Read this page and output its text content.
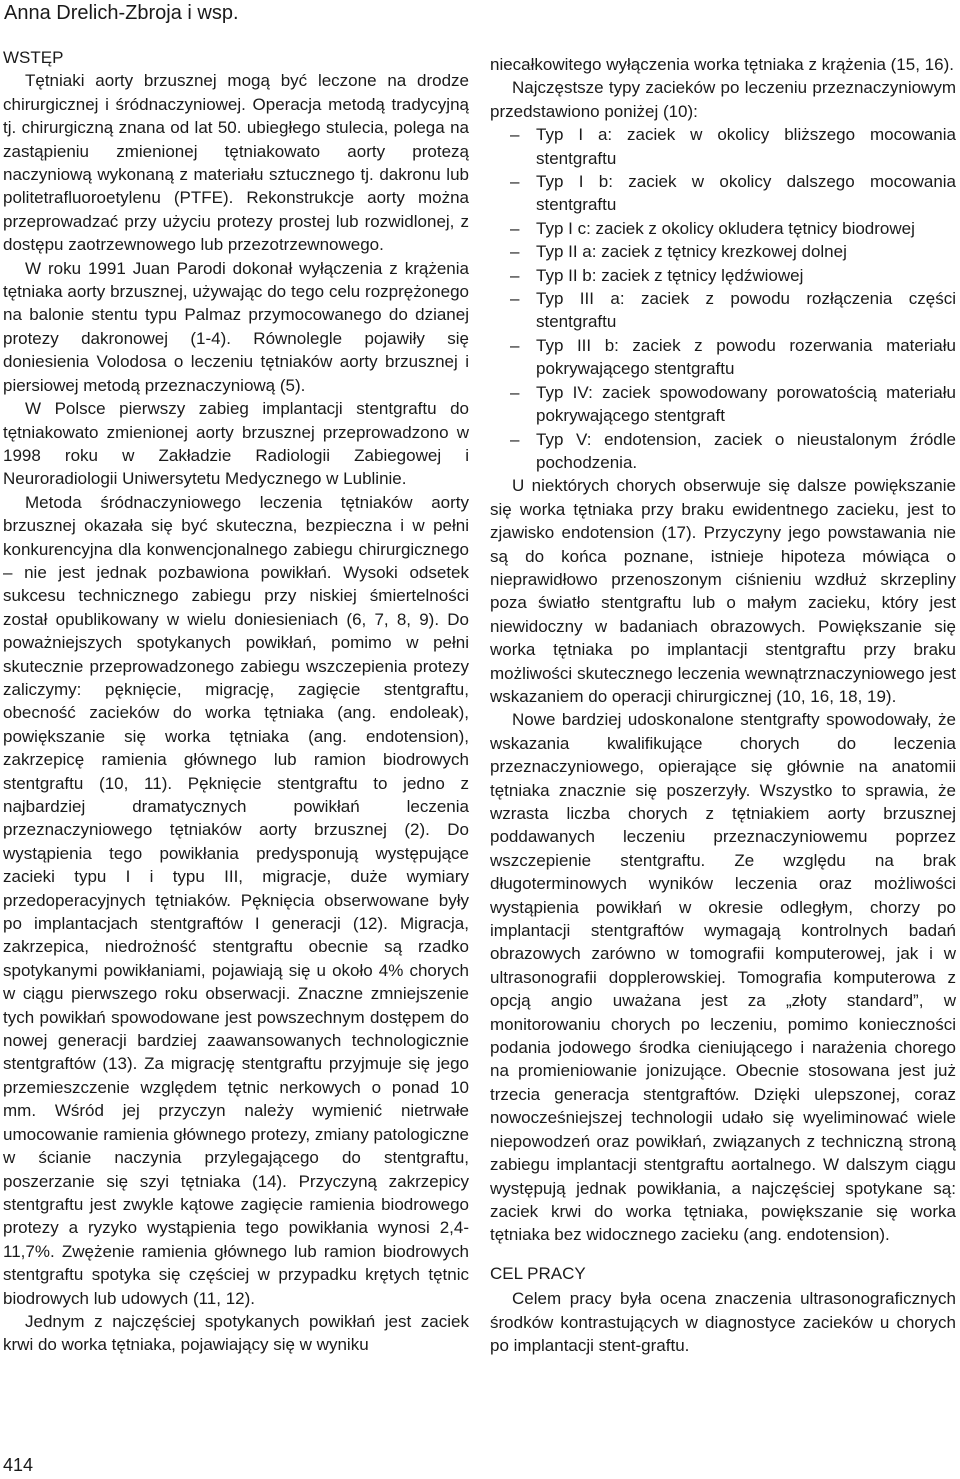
Anna Drelich-Zbroja i wsp.
WSTĘP

Tętniaki aorty brzusznej mogą być leczone na drodze chirurgicznej i śródnaczyniowej. Operacja metodą tradycyjną tj. chirurgiczną znana od lat 50. ubiegłego stulecia, polega na zastąpieniu zmienionej tętniakowato aorty protezą naczyniową wykonaną z materiału sztucznego tj. dakronu lub politetrafluoroetylenu (PTFE). Rekonstrukcje aorty można przeprowadzać przy użyciu protezy prostej lub rozwidlonej, z dostępu zaotrzewnowego lub przezotrzewnowego.

W roku 1991 Juan Parodi dokonał wyłączenia z krążenia tętniaka aorty brzusznej, używając do tego celu rozprężonego na balonie stentu typu Palmaz przymocowanego do dzianej protezy dakronowej (1-4). Równolegle pojawiły się doniesienia Volodosa o leczeniu tętniaków aorty brzusznej i piersiowej metodą przeznaczyniową (5).

W Polsce pierwszy zabieg implantacji stentgraftu do tętniakowato zmienionej aorty brzusznej przeprowadzono w 1998 roku w Zakładzie Radiologii Zabiegowej i Neuroradiologii Uniwersytetu Medycznego w Lublinie.

Metoda śródnaczyniowego leczenia tętniaków aorty brzusznej okazała się być skuteczna, bezpieczna i w pełni konkurencyjna dla konwencjonalnego zabiegu chirurgicznego – nie jest jednak pozbawiona powikłań. Wysoki odsetek sukcesu technicznego zabiegu przy niskiej śmiertelności został opublikowany w wielu doniesieniach (6, 7, 8, 9). Do poważniejszych spotykanych powikłań, pomimo w pełni skutecznie przeprowadzonego zabiegu wszczepienia protezy zaliczymy: pęknięcie, migrację, zagięcie stentgraftu, obecność zacieków do worka tętniaka (ang. endoleak), powiększanie się worka tętniaka (ang. endotension), zakrzepicę ramienia głównego lub ramion biodrowych stentgraftu (10, 11). Pęknięcie stentgraftu to jedno z najbardziej dramatycznych powikłań leczenia przeznaczyniowego tętniaków aorty brzusznej (2). Do wystąpienia tego powikłania predysponują występujące zacieki typu I i typu III, migracje, duże wymiary przedoperacyjnych tętniaków. Pęknięcia obserwowane były po implantacjach stentgraftów I generacji (12). Migracja, zakrzepica, niedrożność stentgraftu obecnie są rzadko spotykanymi powikłaniami, pojawiają się u około 4% chorych w ciągu pierwszego roku obserwacji. Znaczne zmniejszenie tych powikłań spowodowane jest powszechnym dostępem do nowej generacji bardziej zaawansowanych technologicznie stentgraftów (13). Za migrację stentgraftu przyjmuje się jego przemieszczenie względem tętnic nerkowych o ponad 10 mm. Wśród jej przyczyn należy wymienić nietrwałe umocowanie ramienia głównego protezy, zmiany patologiczne w ścianie naczynia przylegającego do stentgraftu, poszerzanie się szyi tętniaka (14). Przyczyną zakrzepicy stentgraftu jest zwykle kątowe zagięcie ramienia biodrowego protezy a ryzyko wystąpienia tego powikłania wynosi 2,4-11,7%. Zwężenie ramienia głównego lub ramion biodrowych stentgraftu spotyka się częściej w przypadku krętych tętnic biodrowych lub udowych (11, 12).

Jednym z najczęściej spotykanych powikłań jest zaciek krwi do worka tętniaka, pojawiający się w wyniku

niecałkowitego wyłączenia worka tętniaka z krążenia (15, 16).

Najczęstsze typy zacieków po leczeniu przeznaczyniowym przedstawiono poniżej (10):

– Typ I a: zaciek w okolicy bliższego mocowania stentgraftu
– Typ I b: zaciek w okolicy dalszego mocowania stentgraftu
– Typ I c: zaciek z okolicy okludera tętnicy biodrowej
– Typ II a: zaciek z tętnicy krezkowej dolnej
– Typ II b: zaciek z tętnicy lędźwiowej
– Typ III a: zaciek z powodu rozłączenia części stentgraftu
– Typ III b: zaciek z powodu rozerwania materiału pokrywającego stentgraftu
– Typ IV: zaciek spowodowany porowatością materiału pokrywającego stentgraft
– Typ V: endotension, zaciek o nieustalonym źródle pochodzenia.

U niektórych chorych obserwuje się dalsze powiększanie się worka tętniaka przy braku ewidentnego zacieku, jest to zjawisko endotension (17). Przyczyny jego powstawania nie są do końca poznane, istnieje hipoteza mówiąca o nieprawidłowo przenoszonym ciśnieniu wzdłuż skrzepliny poza światło stentgraftu lub o małym zacieku, który jest niewidoczny w badaniach obrazowych. Powiększanie się worka tętniaka po implantacji stentgraftu przy braku możliwości skutecznego leczenia wewnątrznaczyniowego jest wskazaniem do operacji chirurgicznej (10, 16, 18, 19).

Nowe bardziej udoskonalone stentgrafty spowodowały, że wskazania kwalifikujące chorych do leczenia przeznaczyniowego, opierające się głównie na anatomii tętniaka znacznie się poszerzyły. Wszystko to sprawia, że wzrasta liczba chorych z tętniakiem aorty brzusznej poddawanych leczeniu przeznaczyniowemu poprzez wszczepienie stentgraftu. Ze względu na brak długoterminowych wyników leczenia oraz możliwości wystąpienia powikłań w okresie odległym, chorzy po implantacji stentgraftów wymagają kontrolnych badań obrazowych zarówno w tomografii komputerowej, jak i w ultrasonografii dopplerowskiej. Tomografia komputerowa z opcją angio uważana jest za „złoty standard”, w monitorowaniu chorych po leczeniu, pomimo konieczności podania jodowego środka cieniującego i narażenia chorego na promieniowanie jonizujące. Obecnie stosowana jest już trzecia generacja stentgraftów. Dzięki ulepszonej, coraz nowocześniejszej technologii udało się wyeliminować wiele niepowodzeń oraz powikłań, związanych z techniczną stroną zabiegu implantacji stentgraftu aortalnego. W dalszym ciągu występują jednak powikłania, a najczęściej spotykane są: zaciek krwi do worka tętniaka, powiększanie się worka tętniaka bez widocznego zacieku (ang. endotension).

CEL PRACY

Celem pracy była ocena znaczenia ultrasonograficznych środków kontrastujących w diagnostyce zacieków u chorych po implantacji stent-graftu.

414
